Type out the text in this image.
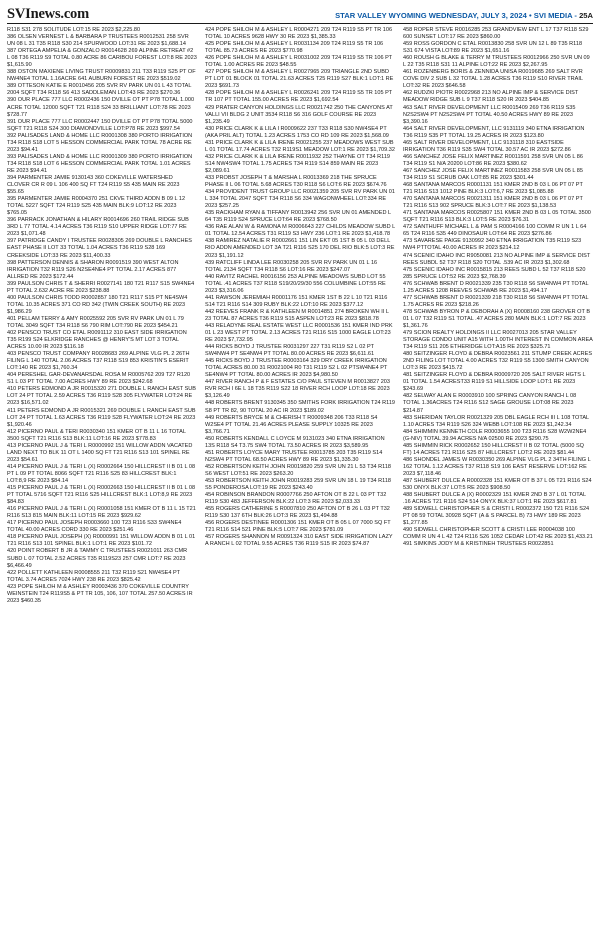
SVInews.com	STAR VALLEY WYOMING WEDNESDAY, JULY 3, 2024 • SVI MEDIA - 25A
R118 S31 278 SOLITUDE LOT:15 RE 2023 $2,225.80
386 OLSEN VERNEST L & BARBARA P TRUSTEES R0012531 258 SVR UN 08 L 31 T35 R118 S30 214 SPURWOOD LOT:31 RE 2023 $1,688.14
387 ORTEGA AMPELIA & GONZALO R0014628 269 ALPINE RETREAT #2 L 08 T36 R119 S9 TOTAL 0.80 ACRE 86 CARIBOU FOREST LOT:8 RE 2023 $1,615.90
388 OSTON MAXIENE LIVING TRUST R0009831 211 T33 R119 S25 PT OF NW4NE4 TOTAL 1.16ACRE 641 AUBURN FOREST RE 2023 $519.02
389 OTTESON KATIE E R0010456 205 SVR RV PARK UN 01 L 43 TOTAL 2004 SQFT T34 R118 S6 413 SADDLEMAN LOT:43 RE 2023 $270.36
390 OUR PLACE 777 LLC R0002436 150 DVILLE OT PT P78 TOTAL 1.000 ACRE TOTAL 12000 SQFT T21 R118 S24 33 BRILLIANT LOT:78 RE 2023 $728.77
391 OUR PLACE 777 LLC R0002447 150 DVILLE OT PT P78 TOTAL 5000 SQFT T21 R118 S24 300 DIAMONDVILLE LOT:P78 RE 2023 $997.54
392 PALISADES LAND & HOME LLC R0001308 380 PORTO IRRIGATION T34 R118 S18 LOT 5 HESSON COMMERCIAL PARK TOTAL 78 ACRE RE 2023 $94.41
393 PALISADES LAND & HOME LLC R0001309 380 PORTO IRRIGATION T34 R118 S18 LOT 6 HESSON COMMERCIAL PARK TOTAL 1.01 ACRES RE 2023 $94.41
394 PARMENTER JAMIE 9130143 360 COKEVILLE WATERSHED CLOVER CR R 09 L 106 400 SQ FT T24 R119 S5 435 MAIN RE 2023 $55.65
395 PARMENTER JAMIE R0004370 251 CKVE THIRD ADDN B 09 L 12 TOTAL 5227 SQFT T24 R119 S25 435 MAIN BLK:9 LOT:12 RE 2023 $765.05
396 PARRACK JONATHAN & HILARY R0014696 260 TRAIL RIDGE SUB 3RD L 77 TOTAL 4.14 ACRES T36 R119 S10 UPPER RIDGE LOT:77 RE 2023 $1,071.48
397 PATRIDGE CANDY I TRUSTEE R0028305 269 DOUBLE L RANCHES EAST PHASE II LOT 33 TOTAL 1.04 ACRES T36 R119 S28 169 CREEKSIDE LOT:33 RE 2023 $11,400.33
398 PATTERSON DENNIS & SHARON R0091519 390 WEST ALTON IRRIGATION T32 R119 S26 N2SE4NE4 PT TOTAL 2.17 ACRES 877 ALLRED RE 2023 $172.44
399 PAULSON CHRIS T & SHERRI R0027141 180 T21 R117 S15 SW4NE4 PT TOTAL 2.632 ACRE RE 2023 $238.88
400 PAULSON CHRIS TODD R0002857 180 T21 R117 S15 PT NE4SW4 TOTAL 10.35 ACRES 371 CO RD 342 (TWIN CREEK SOUTH) RE 2023 $1,986.29
401 PELLAM TERRY & AMY R0025592 205 SVR RV PARK UN 01 L 79 TOTAL 3049 SQFT T34 R118 S6 790 RIM LOT:790 RE 2023 $454.21
402 PENSCO TRUST CO ETAL R0091112 310 EAST SIDE IRRIGATION T35 R199 S24 ELKRIDGE RANCHES @ HENRY'S MT LOT 3 TOTAL ACRES 10.00 IR 2023 $116.18
403 PENSCO TRUST COMPANY R0028683 269 ALPINE VLG PL 2 26TH FILING L 140 TOTAL 2.06 ACRES T37 R118 S19 853 KRISTIN'S ESERIT LOT:140 RE 2023 $1,760.34
404 PERESHEL GAR-DEVANARSDAL ROSA M R0005762 209 T27 R120 S1 L 03 PT TOTAL 7.00 ACRES HWY 89 RE 2023 $242.68
410 PETERS EDMOND A JR R0015320 271 DOUBLE L RANCH EAST SUB LOT 24 PT TOTAL 2.59 ACRES T36 R119 S28 305 FLYWATER LOT:24 RE 2023 $16,571.02
411 PETERS EDMOND A JR R0015321 269 DOUBLE L RANCH EAST SUB LOT 24 PT TOTAL 1.63 ACRES T36 R119 S28 FLYWATER LOT:24 RE 2023 $1,920.46
412 PICERNO PAUL & TERI R0030340 151 KMER OT B 11 L 16 TOTAL 3500 SQFT T21 R116 S13 BLK:11 LOT:16 RE 2023 $778.83
413 PICERNO PAUL J & TERI L R0000992 151 WILLOW ADDN VACATED LAND NEXT TO BLK 11 OT L 1400 SQ FT T21 R116 S13 101 SPINEL RE 2023 $54.61
414 PICERNO PAUL J & TERI L (X) R0002664 150 HILLCREST II B 01 L 08 PT L 09 PT TOTAL 8066 SQFT T21 R116 S25 83 HILLCREST BLK:1 LOT:8,9 RE 2023 $84.14
415 PICERNO PAUL J & TERI L (X) R0002663 150 HILLCREST II B 01 L 08 PT TOTAL 5716 SQFT T21 R116 S25 HILLCREST BLK:1 LOT:8,9 RE 2023 $84.83
416 PICERNO PAUL J & TERI L (X) R0001058 151 KMER OT B 11 L 15 T21 R116 S13 815 MAIN BLK:11 LOT:15 RE 2023 $929.62
417 PICERNO PAUL JOSEPH R0003660 100 T23 R116 S33 SW4NE4 TOTAL 40.00 ACRES CORD 330 RE 2023 $251.46
418 PICERNO PAUL JOSEPH (X) R0000991 151 WILLOW ADDN B 01 L 01 T21 R116 S13 101 SPINEL BLK:1 LOT:1 RE 2023 $101.72
420 POINT ROBERT B JR & TAMMY C TRUSTEES R0021011 263 CMR SUBD L 07 TOTAL 2.52 ACRES T35 R119S23 257 CMR LOT:7 RE 2023 $6,466.49
422 POLLETT KATHLEEN R0008555 211 T32 R119 S21 NW4SE4 PT TOTAL 3.74 ACRES 7024 HWY 238 RE 2023 $825.42
423 POPE SHILOH M & ASHLEY R0003436 370 COKEVILLE COUNTRY WEINSTEIN T24 R119S5 & PT TR 105, 106, 107 TOTAL 257.50 ACRES IR 2023 $460.35
424 POPE SHILOH M & ASHLEY L R0004271 209 T24 R119 S5 PT TR 106 TOTAL 10 ACRES 9628 HWY 30 RE 2023 $1,385.33
425 POPE SHILOH M & ASHLEY L R0031134 209 T24 R119 S5 TR 106 TOTAL 85.73 ACRES RE 2023 $770.98
426 POPE SHILOH M & ASHLEY L R0031002 209 T24 R119 S5 TR 106 PT TOTAL 1.00 ACRES RE 2023 $48.55
427 POPE SHILOH M & ASHLEY L R0027965 209 TRIANGLE 2ND SUBD PT LOT 01 BLOCK 01 TOTAL 21.63 ACRES T25 R119 S27 BLK:1 LOT:1 RE 2023 $691.73
428 POPE SHILOH M & ASHLEY L R0026241 209 T24 R119 S5 TR 105 PT TR 107 PT TOTAL 155.00 ACRES RE 2023 $1,692.54
429 PRATER CANYON HOLDINGS LLC R0021742 250 THE CANYONS AT VALLI VII BLDG 2 UNIT 3534 R118 S6 316 GOLF COURSE RE 2023 $1,235.49
430 PRICE CLARK K & LILA I R0009622 237 T33 R118 S30 NW4SE4 PT (AKA PRIL ALT) TOTAL 1.23 ACRES 1753 CO RD 109 RE 2023 $1,568.09
431 PRICE CLARK K & LILA IRENE R0021255 237 MEADOWS WEST SUB L 01 TOTAL 17.74 ACRES T32 R119S1 MEADOW LOT:1 RE 2023 $1,709.32
432 PRICE CLARK K & LILA IRENE R0011932 252 THAYNE OT T34 R119 S14 NW4SW4 TOTAL 1.75 ACRES T34 R119 S14 859 MAIN RE 2023 $2,089.61
433 PROBST JOSEPH T & MARSHA L R0013369 218 THE SPRUCE PHASE II L 06 TOTAL 5.68 ACRES T30 R118 S6 LOT:6 RE 2023 $674.76
434 PROVIDENT TRUST GROUP LLC R0021359 205 SVR RV PARK UN 01 L 334 TOTAL 2047 SQFT T34 R118 S6 334 WAGONWHEEL LOT:334 RE 2023 $257.25
435 RACKHAM RYAN & TIFFANY R0013942 256 SVR UN 01 AMENDED L 64 T35 R119 S24 SPRUCE LOT:64 RE 2023 $768.50
436 RAE ALAN W & RAMONA M R0006643 227 CHILDS MEADOW SUBD L 01 TOTAL 12.54 ACRES T31 R119 S3 HWY 236 LOT:1 RE 2023 $1,418.78
438 RAMIREZ NATALIE R R0002661 151 LIN EKT 05 1ST B 05 L 03 DELL RIO ADDN AMENDED LOT 3A T21 R116 S25 170 DEL RIO BLK:5 LOT:3 RE 2023 $1,191.12
439 RATCLIFF LINDA LEE R0030258 205 SVR RV PARK UN 01 L 16 TOTAL 2134 SQFT T34 R118 S6 LOT:16 RE 2023 $247.07
440 RAVITZ RACHEL R0016156 253 ALPINE MEADOWS SUBD LOT 55 TOTAL .41 ACRES T37 R118 S19/20/29/30 556 COLUMBINE LOT:55 RE 2023 $3,316.06
441 RAWSON JEREMIAH R0001176 151 KMER 1ST B 22 L 10 T21 R116 S14 T21 R116 S14 309 RUBY BLK:22 LOT:10 RE 2023 $377.12
442 REEVES FRANK R & KATHLEEN M R0014851 274 BROKEN WH II L 23 TOTAL 87 ACRES T36 R119 S15 ASPEN LOT:23 RE 2023 $818.78
443 RELADYNE REAL ESTATE WEST LLC R0001536 151 KMER IND PRK 01 L 23 WEST PT TOTAL 2.13 ACRES T21 R116 S15 1000 EAGLE LOT:23 RE 2023 $7,732.95
444 RICKS BOYD J TRUSTEE R0031297 227 T31 R119 S2 L 02 PT SW4NW4 PT SE4NW4 PT TOTAL 80.00 ACRES RE 2023 $6,611.61
445 RICKS BOYD J TRUSTEE R0003164 329 DRY CREEK IRRIGATION TOTAL ACRES 80.00 31 R0021004 R0 T31 R119 S2 L 02 PTSW4NE4 PT SE4NW4 PT TOTAL 80.00 ACRES IR 2023 $4,980.50
447 RIVER RANCH P & F ESTATES C/O PAUL STEVEN M R0013827 203 RVR RCH I 6E L 18 T35 R119 S22 18 RIVER RCH LOOP LOT:18 RE 2023 $3,126.49
448 ROBERTS BRENT 9130345 350 SMITHS FORK IRRIGATION T24 R119 S8 PT TR 82, 90 TOTAL 20 AC IR 2023 $189.02
449 ROBERTS BRYCE M & CHERISH T R0009348 206 T33 R118 S4 W2SE4 PT TOTAL 21.46 ACRES PLEASE SUPPLY 10325 RE 2023 $3,766.71
450 ROBERTS KENDALL C LOYCE M 9131023 340 ETNA IRRIGATION 13S R118 S4 T3.75 SW4 TOTAL 73.50 ACRES IR 2023 $3,589.95
451 ROBERTS LOYCE MARY TRUSTEE R0013785 203 T35 R119 S14 N2SW4 PT TOTAL 68.50 ACRES HWY 89 RE 2023 $1,335.30
452 ROBERTSON KEITH JOHN R0019820 259 SVR UN 21 L 53 T34 R118 S6 WEST LOT:51 RE 2023 $263.20
453 ROBERTSON KEITH JOHN R0019283 259 SVR UN 18 L 19 T34 R118 S5 PONDEROSA LOT:19 RE 2023 $243.40
454 ROBINSON BRANDON R0007766 250 AFTON OT B 22 L 03 PT T32 R119 S30 483 JEFFERSON BLK:22 LOT:3 RE 2023 $2,033.33
455 ROGERS CATHERINE S R0007810 250 AFTON OT B 26 L 03 PT T32 R119 S30 137 6TH BLK:26 LOT:3 RE 2023 $1,494.88
456 ROGERS DESTINEE R0001306 151 KMER OT B 05 L 07 7000 SQ FT T21 R116 S14 521 PINE BLK:5 LOT:7 RE 2023 $781.09
457 ROGERS SHANNON M R0091324 310 EAST SIDE IRRIGATION LAZY A RANCH L 02 TOTAL 9.55 ACRES T36 R119 S15 IR 2023 $74.87
458 ROPER STEVE R0016285 253 GRANDVIEW ENT L 17 T37 R118 S29 600 SUNSET LOT:17 RE 2023 $860.00
459 ROSS GORDON C ETAL R0013830 258 SVR UN 12 L 89 T35 R118 S31 674 VISTA LOT:89 RE 2023 $1,651.16
460 ROUSH G BLAKE & TERRY M TRUSTEES R0012966 250 SVR UN 09 L 22 T35 R118 S31 11 ALPINE LOT:22 RE 2023 $2,267.95
461 ROZENBERG BORIS & ZENNIDA UNISA R0019685 269 SALT RVR COVE DIV 2 SUB L 32 TOTAL 1.28 ACRES T36 R119 S10 RIVER TRAIL LOT:32 RE 2023 $646.58
462 RUDZKI PIOTR R0022968 213 NO ALPINE IMP & SERVICE DIST MEADOW RIDGE SUB L 9 T37 R118 S20 IR 2023 $404.85
463 SALT RIVER DEVELOPMENT LLC R0015409 269 T36 R119 S35 N2S2SW4 PT N2S2SW4 PT TOTAL 40.50 ACRES HWY 89 RE 2023 $3,390.16
464 SALT RIVER DEVELOPMENT, LLC 9131119 340 ETNA IRRIGATION T36 R119 S35 PT TOTAL 19.25 ACRES IR 2023 $123.80
465 SALT RIVER DEVELOPMENT, LLC 9131118 310 EASTSIDE IRRIGATION T36 R119 S35 SW4 TOTAL 30.57 AC IR 2023 $272.86
466 SANCHEZ JOSE FELIX MARTINEZ R0011591 258 SVR UN 05 L 86 T34 R119 S1 N/A 20200 LOT:86 RE 2023 $380.62
467 SANCHEZ JOSE FELIX MARTINEZ R0011583 258 SVR UN 05 L 85 T34 R119 S1 SCRUB OAK LOT:85 RE 2023 $301.44
468 SANTANA MARCOS R0001131 151 KMER 2ND B 03 L 06 PT 07 PT T21 R116 S13 1012 PINE BLK:3 LOT:6,7 RE 2023 $1,085.88
470 SANTANA MARCOS R0021311 151 KMER 2ND B 03 L 06 PT 07 PT T21 R116 S13 902 SPRUCE BLK:3 LOT:7 RE 2023 $1,138.53
471 SANTANA MARCOS R0025807 151 KMER 2ND B 03 L 05 TOTAL 3500 SQFT T21 R116 S13 BLK:3 LOT:5 RE 2023 $76.31
472 SANTHUFF MICHAEL L & PAM S R0004166 100 COMM R UN 1 L 64 65 T24 R116 S35 449 DINOSAUR LOT:64 RE 2023 $276.86
473 SAVARESE PAIGE 9130992 340 ETNA IRRIGATION T35 R119 S23 NW4 PTTOTAL 40.00 ACRES IR 2023 $214.12
474 SCENIC IDAHO INC R9050081 213 NO ALPINE IMP & SERVICE DIST REES SUBDL 52 T37 R118 S20 TOTAL .539 AC IR 2023 $1,302.68
475 SCENIC IDAHO INC R0015815 213 REES SUBD L 52 T37 R118 S20 285 SPRUCE LOT:52 RE 2023 $2,768.39
476 SCHWAB BRENT D R0021339 235 T30 R118 S6 SW4NW4 PT TOTAL 1.25 ACRES 1208 REEVES SCHWAB RE 2023 $1,494.17
477 SCHWAB BRENT D R0021339 218 T30 R118 S6 SW4NW4 PT TOTAL 1.75 ACRES RE 2023 $218.26
478 SCHWAB BYRON P & DEBORAH A (X) R0008160 238 GROVER OT B 01 L 07 T32 R119 S1 TOTAL .47 ACRES 280 MAIN BLK:1 LOT:7 RE 2023 $1,361.76
479 SCION REALTY HOLDINGS II LLC R0027013 205 STAR VALLEY STORAGE CONDO UNIT A15 WITH 1.00TH INTEREST IN COMMON AREA T34 R119 S11 205 ETHERIDGE LOT:A15 RE 2023 $325.71
480 SEITZINGER FLOYD & DEBRA R0023561 211 STUMP CREEK ACRES 2ND FILING LOT TOTAL 4.00 ACRES T32 R119 S5 1300 SMITH CANYON LOT:3 RE 2023 $415.72
481 SEITZINGER FLOYD & DEBRA R0009720 205 SALT RIVER HGTS L 01 TOTAL 1.54 ACREST33 R119 S1 HILLSIDE LOOP LOT:1 RE 2023 $243.69
482 SELWAY ALAN E R0003910 100 SPRING CANYON RANCH L 08 TOTAL 1.36ACRES T24 R116 S12 SAGE GROUSE LOT:08 RE 2023 $214.87
483 SHERIDAN TAYLOR R0021329 205 DBL EAGLE RCH III L 108 TOTAL 1.10 ACRES T34 R119 S26 324 WEBB LOT:108 RE 2023 $1,242.34
484 SHIMMIN KENNETH COLE R0003655 100 T23 R116 S28 W2W2NE4 (G-NIV) TOTAL 39.94 ACRES N/A 02500 RE 2023 $290.75
485 SHIMMIN RICK R0002652 150 HILLCREST II B 02 TOTAL (5000 SQ FT) 14 ACRES T21 R116 S25 87 HILLCREST LOT:2 RE 2023 $81.44
486 SHONDEL JAMES W R0030350 269 ALPINE VLG PL 2 34TH FILING L 162 TOTAL 1.12 ACRES T37 R118 S19 106 EAST RESERVE LOT:162 RE 2023 $7,118.46
487 SHUBERT DULCE A R0002328 151 KMER OT B 37 L 05 T21 R116 S24 530 ONYX BLK:37 LOT:5 RE 2023 $908.50
488 SHUBERT DULCE A (X) R0002329 151 KMER 2ND B 37 L 01 TOTAL .16 ACRES T21 R116 S24 514 ONYX BLK:37 LOT:1 RE 2023 $617.81
489 SIDWELL CHRISTOPHER S & CRISTI L R0002372 150 T21 R116 S24 PT 08 59 TOTAL 30928 SQFT (A & S PARCEL B) 73 HWY 189 RE 2023 $1,277.85
490 SIDWELL CHRISTOPHER SCOTT & CRISTI LEE R0004038 100 COMM R UN 4 L 42 T24 R116 S26 1052 CEDAR LOT:42 RE 2023 $1,433.21
491 SIMKINS JODY M & KRISTINEH TRUSTEES R0022851
